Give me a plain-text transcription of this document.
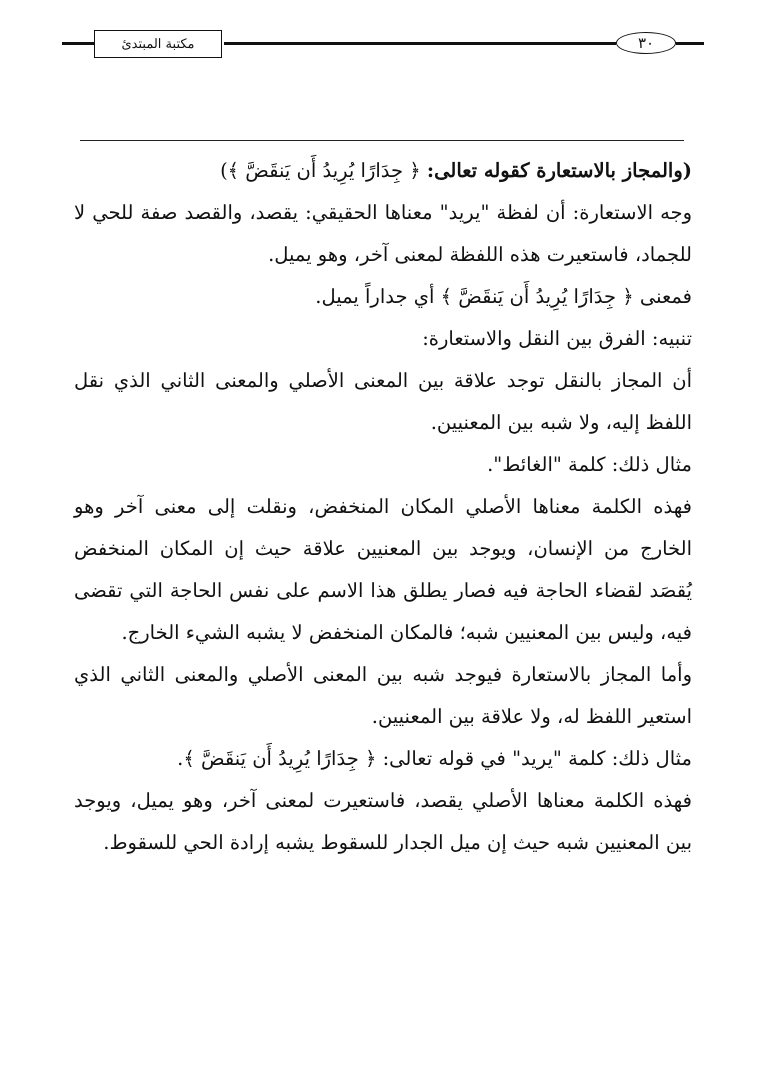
مكتبة المبتدئ	٣٠

(والمجاز بالاستعارة كقوله تعالى: ﴿ جِدَارًا يُرِيدُ أَن يَنقَضَّ ﴾)

وجه الاستعارة: أن لفظة "يريد" معناها الحقيقي: يقصد، والقصد صفة للحي لا للجماد، فاستعيرت هذه اللفظة لمعنى آخر، وهو يميل.

فمعنى ﴿ جِدَارًا يُرِيدُ أَن يَنقَضَّ ﴾ أي جداراً يميل.

تنبيه: الفرق بين النقل والاستعارة:

أن المجاز بالنقل توجد علاقة بين المعنى الأصلي والمعنى الثاني الذي نقل اللفظ إليه، ولا شبه بين المعنيين.

مثال ذلك: كلمة "الغائط".

فهذه الكلمة معناها الأصلي المكان المنخفض، ونقلت إلى معنى آخر وهو الخارج من الإنسان، ويوجد بين المعنيين علاقة حيث إن المكان المنخفض يُقصَد لقضاء الحاجة فيه فصار يطلق هذا الاسم على نفس الحاجة التي تقضى فيه، وليس بين المعنيين شبه؛ فالمكان المنخفض لا يشبه الشيء الخارج.

وأما المجاز بالاستعارة فيوجد شبه بين المعنى الأصلي والمعنى الثاني الذي استعير اللفظ له، ولا علاقة بين المعنيين.

مثال ذلك: كلمة "يريد" في قوله تعالى: ﴿ جِدَارًا يُرِيدُ أَن يَنقَضَّ ﴾.

فهذه الكلمة معناها الأصلي يقصد، فاستعيرت لمعنى آخر، وهو يميل، ويوجد بين المعنيين شبه حيث إن ميل الجدار للسقوط يشبه إرادة الحي للسقوط.
